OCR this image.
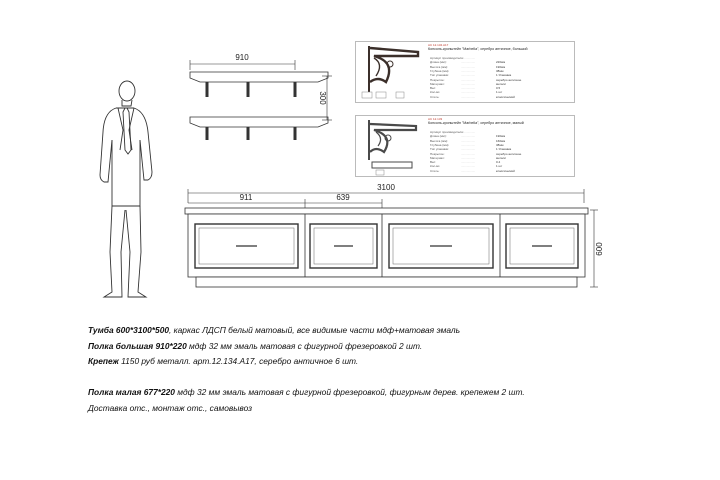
910
300
3100
911	639
600
AC 12.134.A17
Консоль-кронштейн "Marbella", серебро античное, большой
Артикул производителя:
.................
Длина (мм):	220мм
.................
Высота (мм):	190мм
.................
Глубина (мм):	38мм
.................
Тип упаковки:	1 Упаковка
.................
Покрытие:	серебро античное
.................
Материал:	металл
.................
Вес:	0.5
.................
Кол-во:	1 шт
.................
Стиль:	классический
.................
AC 12.133
Консоль-кронштейн "Marbella", серебро античное, малый
Артикул производителя:
.................
Длина (мм):	190мм
.................
Высота (мм):	160мм
.................
Глубина (мм):	38мм
.................
Тип упаковки:	1 Упаковка
.................
Покрытие:	серебро античное
.................
Материал:	металл
.................
Вес:	0.4
.................
Кол-во:	1 шт
.................
Стиль:	классический
.................
Тумба 600*3100*500, каркас ЛДСП белый матовый, все видимые части мдф+матовая эмаль
Полка большая 910*220 мдф 32 мм эмаль матовая с фигурной фрезеровкой 2 шт.
Крепеж 1150 руб металл. арт.12.134.A17, серебро античное 6 шт.
Полка малая 677*220 мдф 32 мм эмаль матовая с фигурной фрезеровкой, фигурным дерев. крепежем 2 шт.
Доставка отс., монтаж отс., самовывоз
